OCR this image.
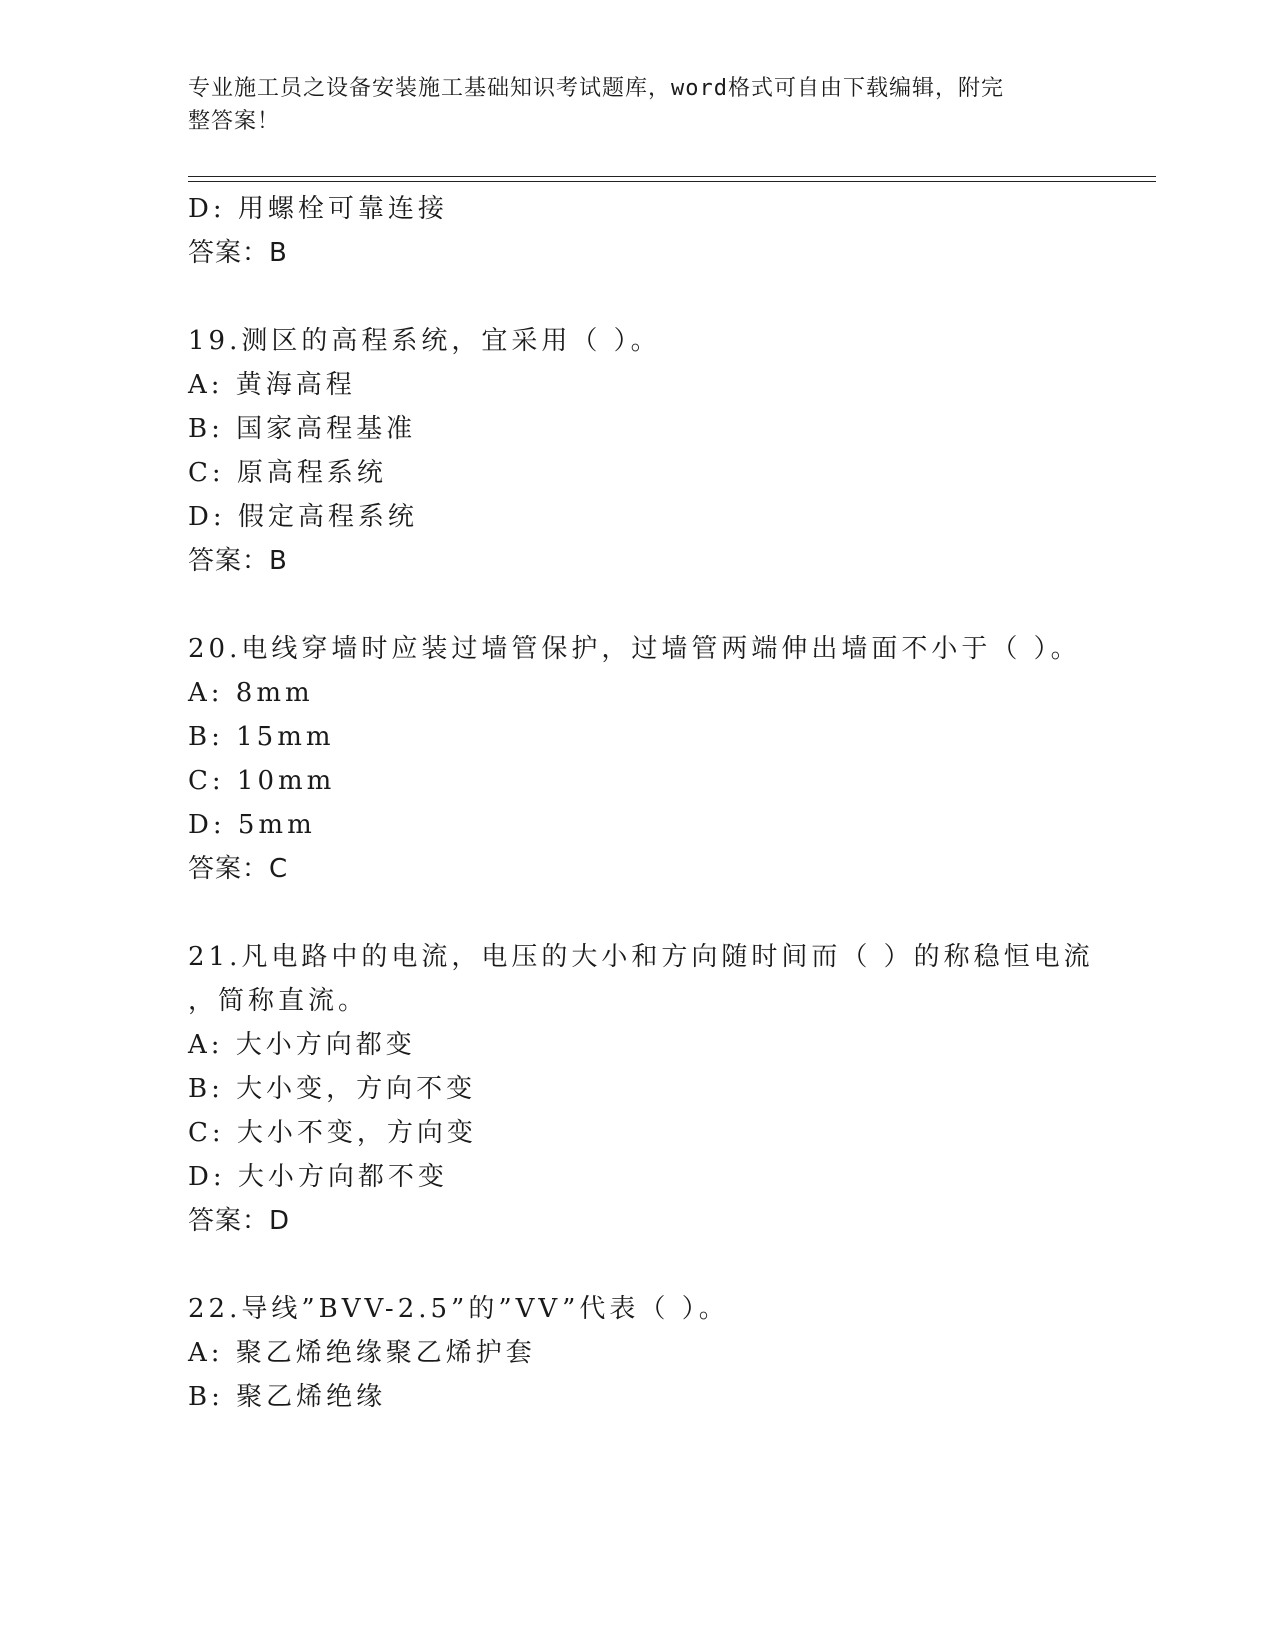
专业施工员之设备安装施工基础知识考试题库，word格式可自由下载编辑，附完
整答案！
D: 用螺栓可靠连接
答案：B
19.测区的高程系统，宜采用（ ）。
A: 黄海高程
B: 国家高程基准
C: 原高程系统
D: 假定高程系统
答案：B
20.电线穿墙时应装过墙管保护，过墙管两端伸出墙面不小于（ ）。
A: 8mm
B: 15mm
C: 10mm
D: 5mm
答案：C
21.凡电路中的电流，电压的大小和方向随时间而（ ）的称稳恒电流
，简称直流。
A: 大小方向都变
B: 大小变，方向不变
C: 大小不变，方向变
D: 大小方向都不变
答案：D
22.导线”BVV-2.5”的”VV”代表（ ）。
A: 聚乙烯绝缘聚乙烯护套
B: 聚乙烯绝缘
